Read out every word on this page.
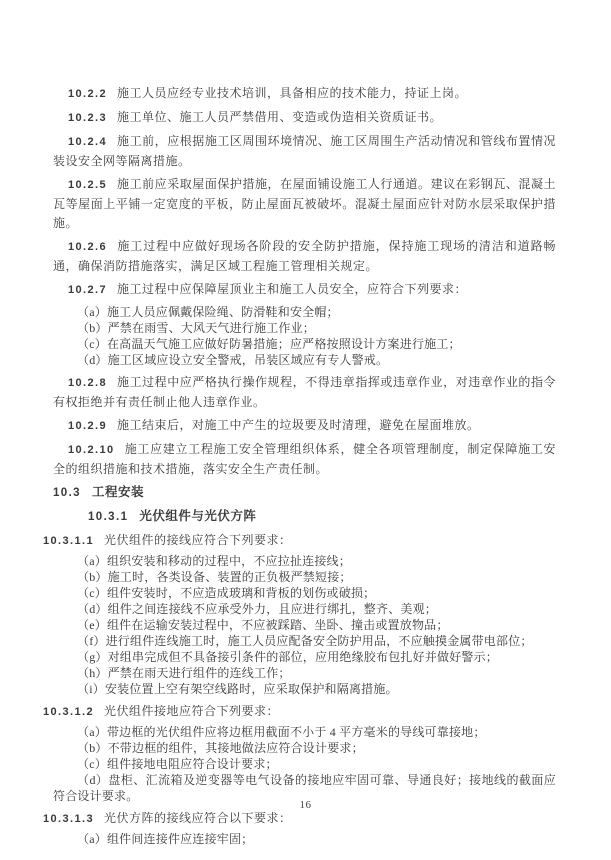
10.2.2 施工人员应经专业技术培训，具备相应的技术能力，持证上岗。

10.2.3 施工单位、施工人员严禁借用、变造或伪造相关资质证书。

10.2.4 施工前，应根据施工区周围环境情况、施工区周围生产活动情况和管线布置情况装设安全网等隔离措施。

10.2.5 施工前应采取屋面保护措施，在屋面铺设施工人行通道。建议在彩钢瓦、混凝土瓦等屋面上平铺一定宽度的平板，防止屋面瓦被破坏。混凝土屋面应针对防水层采取保护措施。

10.2.6 施工过程中应做好现场各阶段的安全防护措施，保持施工现场的清洁和道路畅通，确保消防措施落实，满足区域工程施工管理相关规定。

10.2.7 施工过程中应保障屋顶业主和施工人员安全，应符合下列要求：

（a）施工人员应佩戴保险绳、防滑鞋和安全帽；

（b）严禁在雨雪、大风天气进行施工作业；

（c）在高温天气施工应做好防暑措施；应严格按照设计方案进行施工；

（d）施工区域应设立安全警戒，吊装区域应有专人警戒。

10.2.8 施工过程中应严格执行操作规程，不得违章指挥或违章作业，对违章作业的指令有权拒绝并有责任制止他人违章作业。

10.2.9 施工结束后，对施工中产生的垃圾要及时清理，避免在屋面堆放。

10.2.10 施工应建立工程施工安全管理组织体系，健全各项管理制度，制定保障施工安全的组织措施和技术措施，落实安全生产责任制。

10.3 工程安装

10.3.1 光伏组件与光伏方阵

10.3.1.1 光伏组件的接线应符合下列要求：

（a）组织安装和移动的过程中，不应拉扯连接线；

（b）施工时，各类设备、装置的正负极严禁短接；

（c）组件安装时，不应造成玻璃和背板的划伤或破损；

（d）组件之间连接线不应承受外力，且应进行绑扎，整齐、美观；

（e）组件在运输安装过程中，不应被踩踏、坐卧、撞击或置放物品；

（f）进行组件连线施工时，施工人员应配备安全防护用品，不应触摸金属带电部位；

（g）对组串完成但不具备接引条件的部位，应用绝缘胶布包扎好并做好警示；

（h）严禁在雨天进行组件的连线工作；

（i）安装位置上空有架空线路时，应采取保护和隔离措施。

10.3.1.2 光伏组件接地应符合下列要求：

（a）带边框的光伏组件应将边框用截面不小于 4 平方毫米的导线可靠接地；

（b）不带边框的组件，其接地做法应符合设计要求；

（c）组件接地电阻应符合设计要求；

（d）盘柜、汇流箱及逆变器等电气设备的接地应牢固可靠、导通良好；接地线的截面应符合设计要求。

10.3.1.3 光伏方阵的接线应符合以下要求：

（a）组件间连接件应连接牢固；

16
